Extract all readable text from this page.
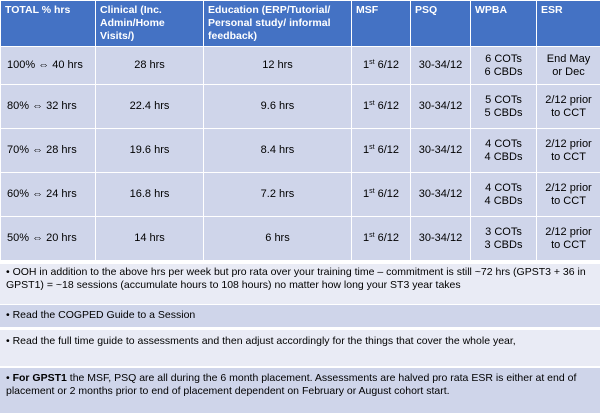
TOTAL % hrs	Clinical (Inc. Admin/Home Visits/)	Education (ERP/Tutorial/ Personal study/ informal feedback)	MSF	PSQ	WPBA	ESR
100% ⇔ 40 hrs	28 hrs	12 hrs	1st 6/12	30-34/12	6 COTs
6 CBDs	End May
or Dec
80% ⇔ 32 hrs	22.4 hrs	9.6 hrs	1st 6/12	30-34/12	5 COTs
5 CBDs	2/12 prior
to CCT
70% ⇔ 28 hrs	19.6 hrs	8.4 hrs	1st 6/12	30-34/12	4 COTs
4 CBDs	2/12 prior
to CCT
60% ⇔ 24 hrs	16.8 hrs	7.2 hrs	1st 6/12	30-34/12	4 COTs
4 CBDs	2/12 prior
to CCT
50% ⇔ 20 hrs	14 hrs	6 hrs	1st 6/12	30-34/12	3 COTs
3 CBDs	2/12 prior
to CCT
• OOH in addition to the above hrs per week but pro rata over your training time – commitment is still ~72 hrs (GPST3 + 36 in GPST1) = ~18 sessions (accumulate hours to 108 hours) no matter how long your ST3 year takes
• Read the COGPED Guide to a Session
• Read the full time guide to assessments and then adjust accordingly for the things that cover the whole year,
• For GPST1 the MSF, PSQ are all during the 6 month placement. Assessments are halved pro rata ESR is either at end of placement or 2 months prior to end of placement dependent on February or August cohort start.
